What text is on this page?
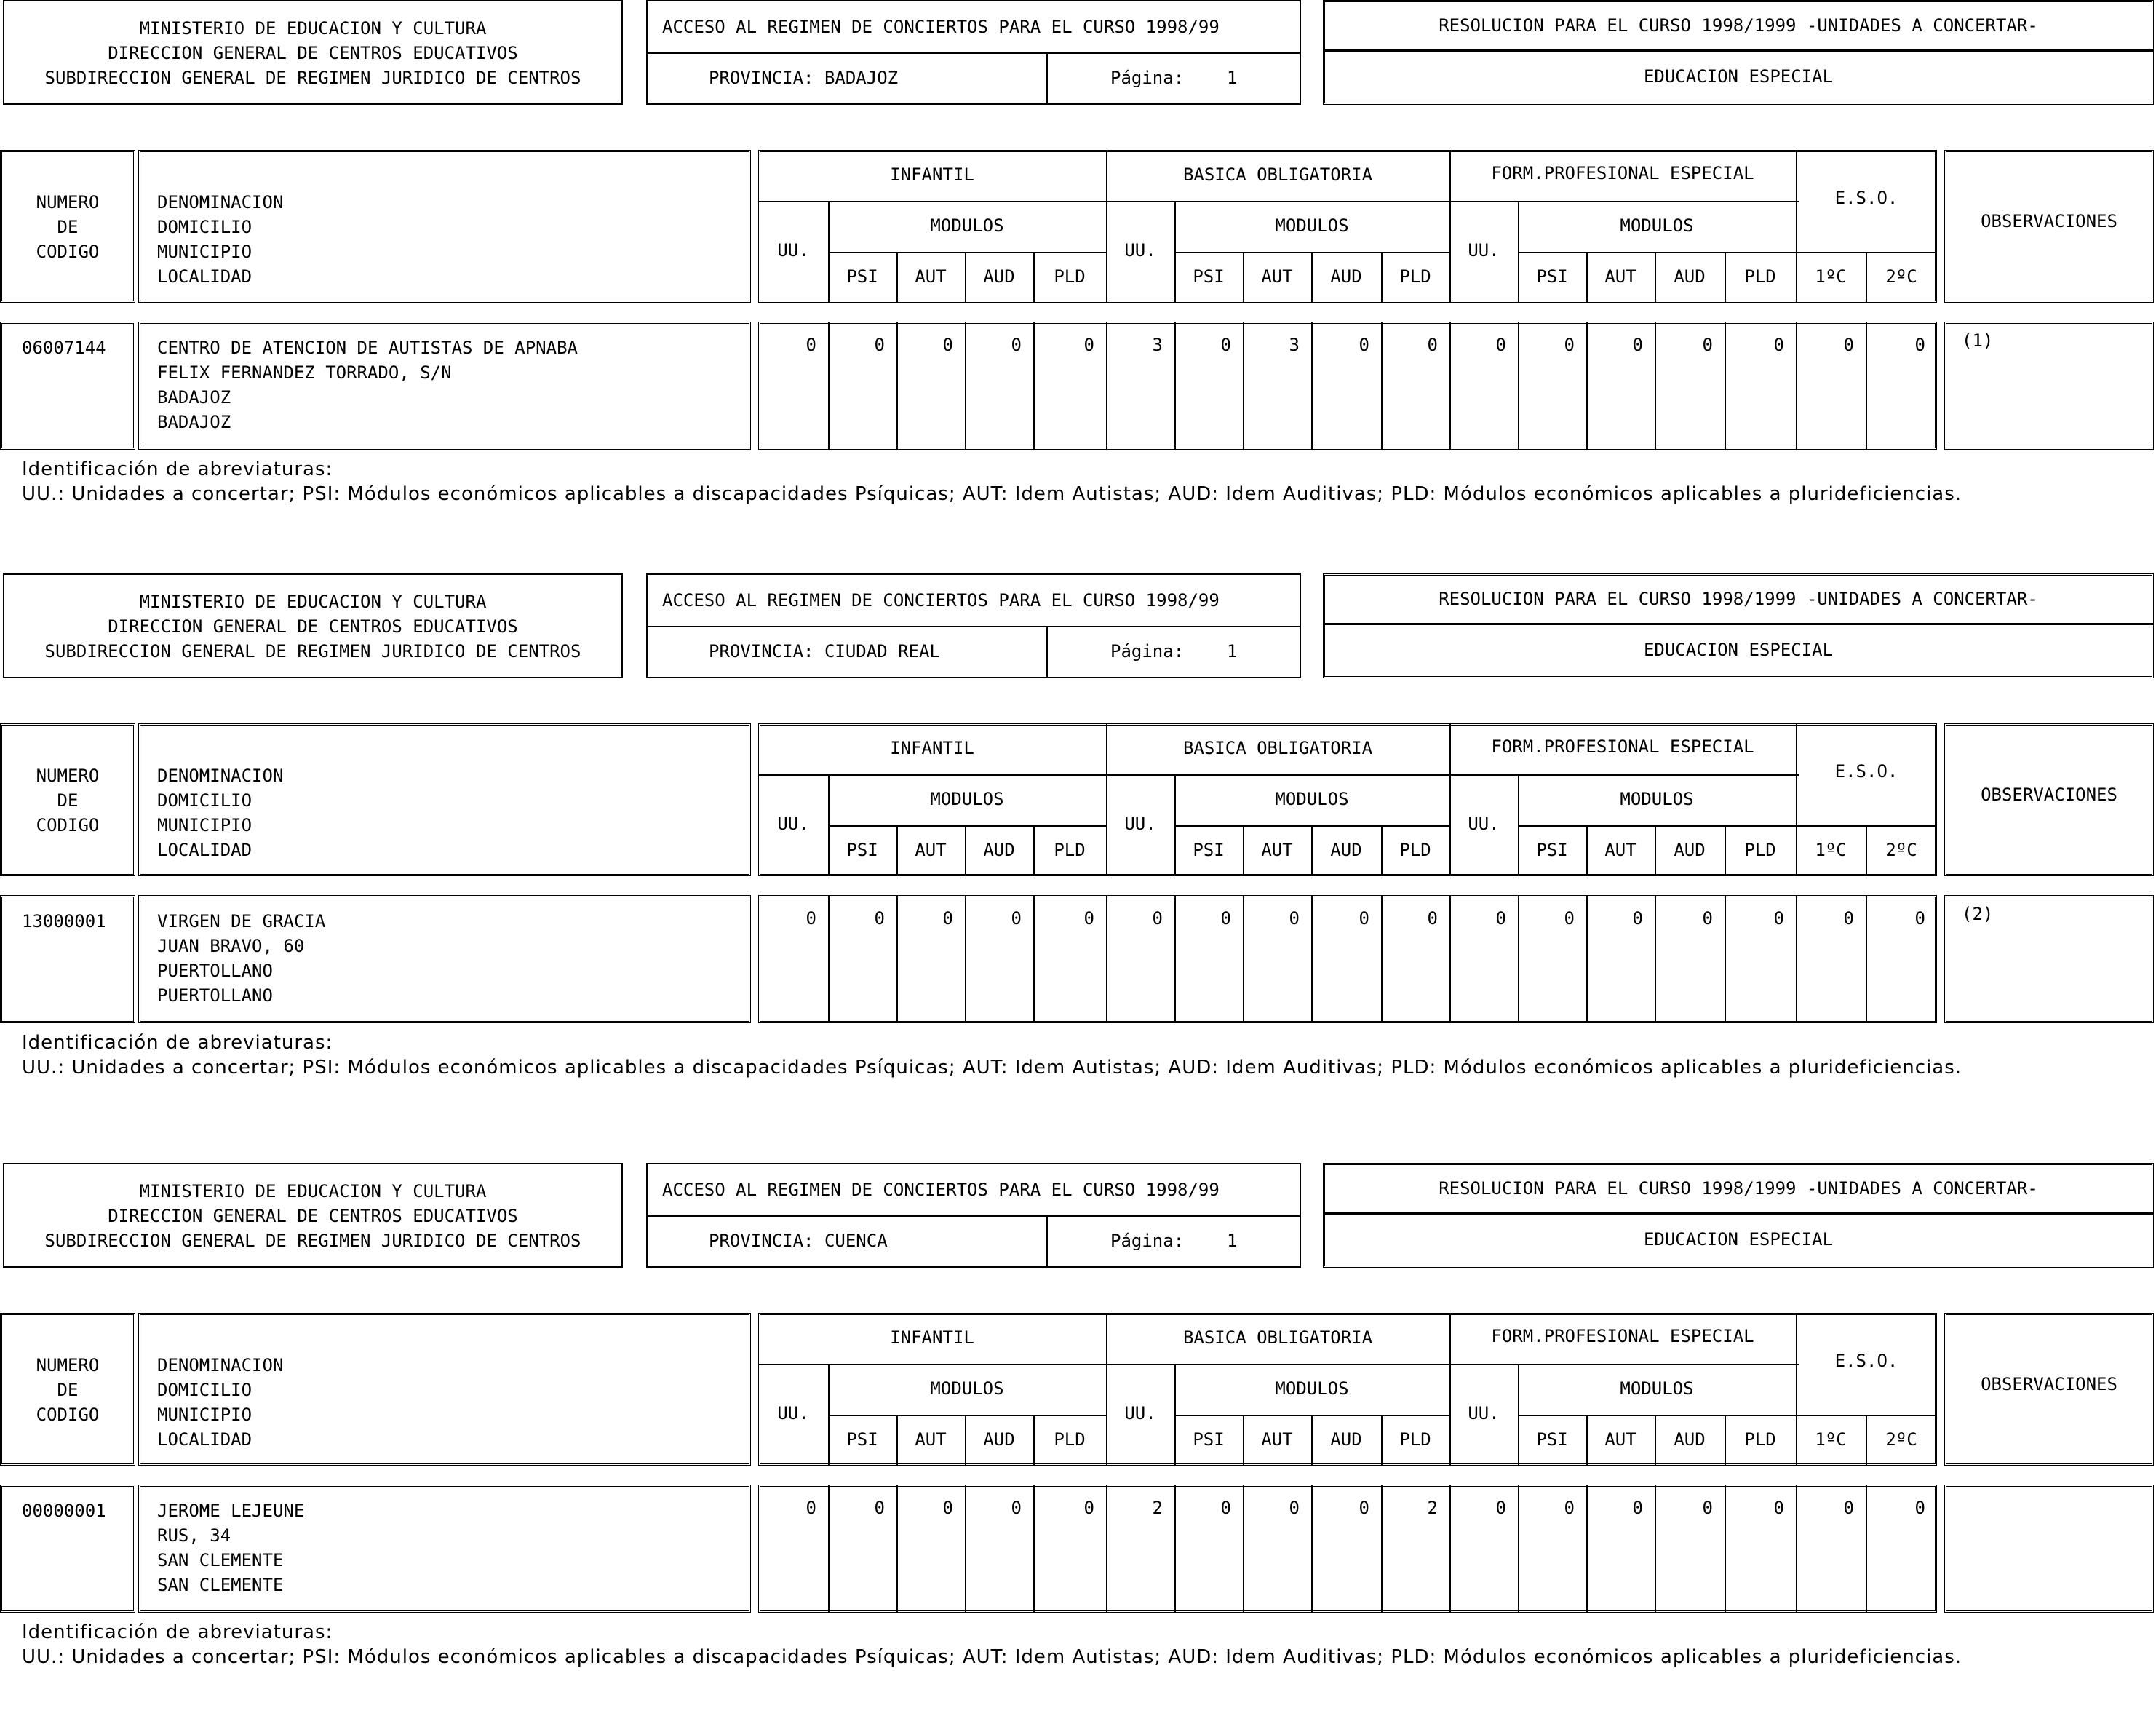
MINISTERIO DE EDUCACION Y CULTURA
DIRECCION GENERAL DE CENTROS EDUCATIVOS
SUBDIRECCION GENERAL DE REGIMEN JURIDICO DE CENTROS
ACCESO AL REGIMEN DE CONCIERTOS PARA EL CURSO 1998/99
PROVINCIA: BADAJOZ	Página: 1
RESOLUCION PARA EL CURSO 1998/1999 -UNIDADES A CONCERTAR-
EDUCACION ESPECIAL
NUMERO
DE
CODIGO
DENOMINACION
DOMICILIO
MUNICIPIO
LOCALIDAD
INFANTIL	BASICA OBLIGATORIA	FORM.PROFESIONAL ESPECIAL
E.S.O.
UU.	UU.	UU.
MODULOS	MODULOS	MODULOS
PSI	AUT	AUD	PLD	PSI	AUT	AUD	PLD	PSI	AUT	AUD	PLD	1ºC	2ºC
OBSERVACIONES
06007144	CENTRO DE ATENCION DE AUTISTAS DE APNABA
FELIX FERNANDEZ TORRADO, S/N
BADAJOZ
BADAJOZ
0	0	0	0	0	3	0	3	0	0	0	0	0	0	0	0	0 (1)
Identificación de abreviaturas:
UU.: Unidades a concertar; PSI: Módulos económicos aplicables a discapacidades Psíquicas; AUT: Idem Autistas; AUD: Idem Auditivas; PLD: Módulos económicos aplicables a pluridefiсiencias.
MINISTERIO DE EDUCACION Y CULTURA
DIRECCION GENERAL DE CENTROS EDUCATIVOS
SUBDIRECCION GENERAL DE REGIMEN JURIDICO DE CENTROS
ACCESO AL REGIMEN DE CONCIERTOS PARA EL CURSO 1998/99
PROVINCIA: CIUDAD REAL	Página: 1
RESOLUCION PARA EL CURSO 1998/1999 -UNIDADES A CONCERTAR-
EDUCACION ESPECIAL
NUMERO
DE
CODIGO
DENOMINACION
DOMICILIO
MUNICIPIO
LOCALIDAD
INFANTIL	BASICA OBLIGATORIA	FORM.PROFESIONAL ESPECIAL
E.S.O.
UU.	UU.	UU.
MODULOS	MODULOS	MODULOS
PSI	AUT	AUD	PLD	PSI	AUT	AUD	PLD	PSI	AUT	AUD	PLD	1ºC	2ºC
OBSERVACIONES
13000001	VIRGEN DE GRACIA
JUAN BRAVO, 60
PUERTOLLANO
PUERTOLLANO
0	0	0	0	0	0	0	0	0	0	0	0	0	0	0	0	0 (2)
Identificación de abreviaturas:
UU.: Unidades a concertar; PSI: Módulos económicos aplicables a discapacidades Psíquicas; AUT: Idem Autistas; AUD: Idem Auditivas; PLD: Módulos económicos aplicables a pluridefiсiencias.
MINISTERIO DE EDUCACION Y CULTURA
DIRECCION GENERAL DE CENTROS EDUCATIVOS
SUBDIRECCION GENERAL DE REGIMEN JURIDICO DE CENTROS
ACCESO AL REGIMEN DE CONCIERTOS PARA EL CURSO 1998/99
PROVINCIA: CUENCA	Página: 1
RESOLUCION PARA EL CURSO 1998/1999 -UNIDADES A CONCERTAR-
EDUCACION ESPECIAL
NUMERO
DE
CODIGO
DENOMINACION
DOMICILIO
MUNICIPIO
LOCALIDAD
INFANTIL	BASICA OBLIGATORIA	FORM.PROFESIONAL ESPECIAL
E.S.O.
UU.	UU.	UU.
MODULOS	MODULOS	MODULOS
PSI	AUT	AUD	PLD	PSI	AUT	AUD	PLD	PSI	AUT	AUD	PLD	1ºC	2ºC
OBSERVACIONES
00000001	JEROME LEJEUNE
RUS, 34
SAN CLEMENTE
SAN CLEMENTE
0	0	0	0	0	2	0	0	0	2	0	0	0	0	0	0	0
Identificación de abreviaturas:
UU.: Unidades a concertar; PSI: Módulos económicos aplicables a discapacidades Psíquicas; AUT: Idem Autistas; AUD: Idem Auditivas; PLD: Módulos económicos aplicables a pluridefiсiencias.
